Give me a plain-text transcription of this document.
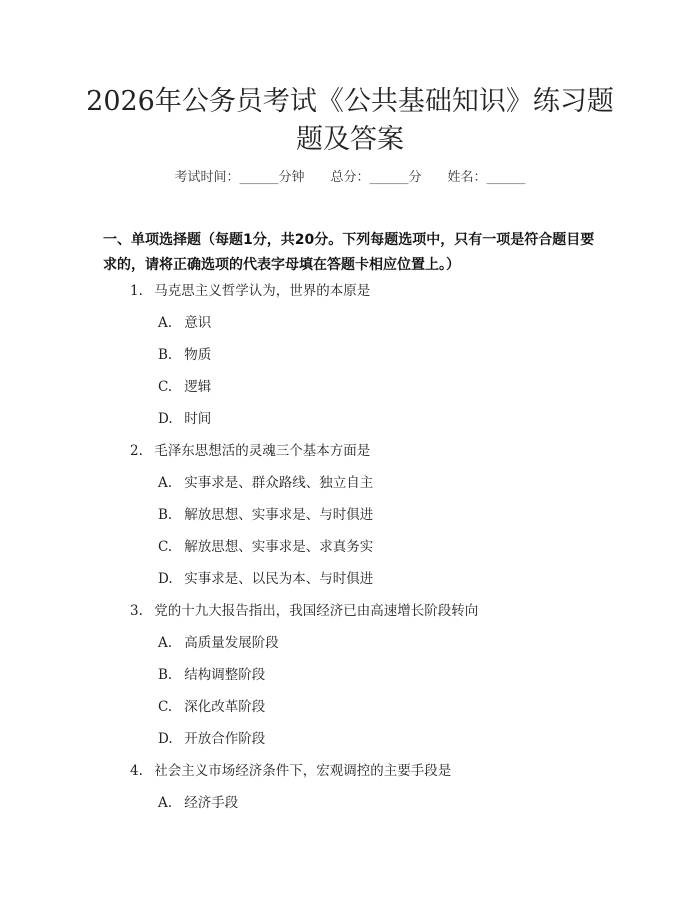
2026年公务员考试《公共基础知识》练习题
题及答案
考试时间：______分钟 总分：______分 姓名：______

一、单项选择题（每题1分，共20分。下列每题选项中，只有一项是符合题目要求的，请将正确选项的代表字母填在答题卡相应位置上。）

1. 马克思主义哲学认为，世界的本原是
A. 意识
B. 物质
C. 逻辑
D. 时间
2. 毛泽东思想活的灵魂三个基本方面是
A. 实事求是、群众路线、独立自主
B. 解放思想、实事求是、与时俱进
C. 解放思想、实事求是、求真务实
D. 实事求是、以民为本、与时俱进
3. 党的十九大报告指出，我国经济已由高速增长阶段转向
A. 高质量发展阶段
B. 结构调整阶段
C. 深化改革阶段
D. 开放合作阶段
4. 社会主义市场经济条件下，宏观调控的主要手段是
A. 经济手段
